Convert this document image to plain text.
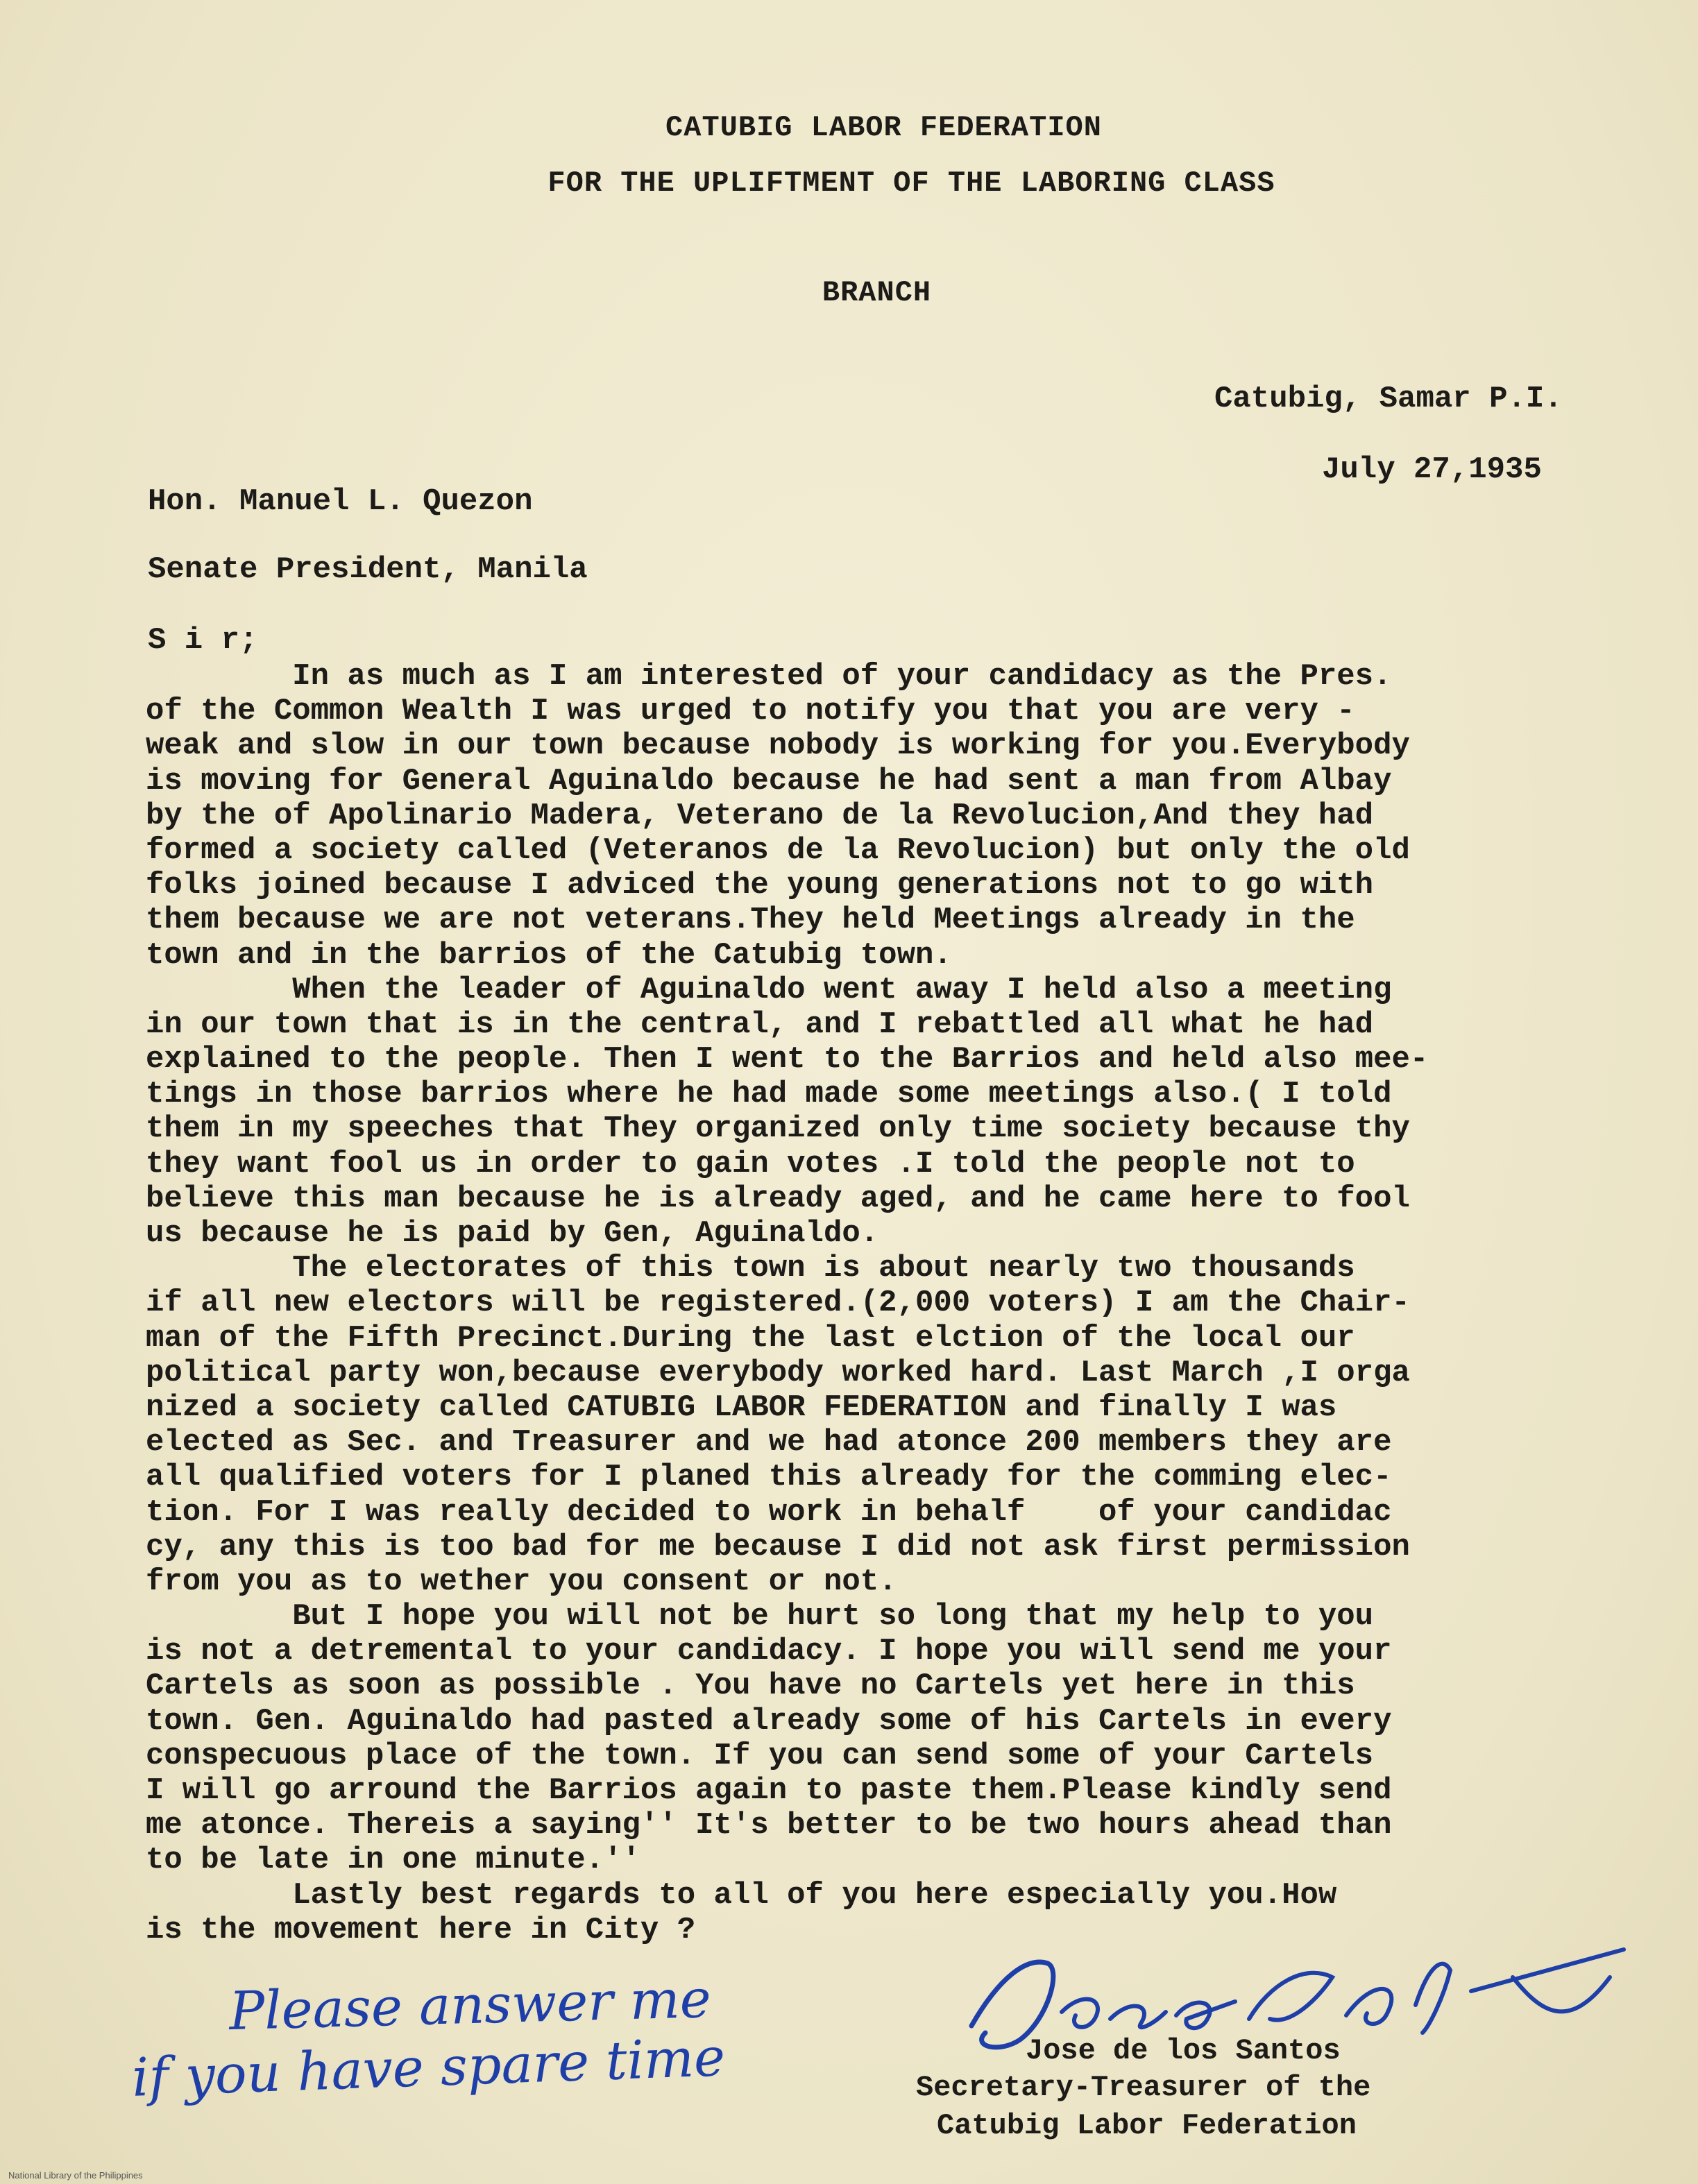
CATUBIG LABOR FEDERATION
FOR THE UPLIFTMENT OF THE LABORING CLASS
BRANCH
Catubig, Samar P.I.
July 27,1935
Hon. Manuel L. Quezon
Senate President, Manila
S i r;
In as much as I am interested of your candidacy as the Pres.
of the Common Wealth I was urged to notify you that you are very -
weak and slow in our town because nobody is working for you.Everybody
is moving for General Aguinaldo because he had sent a man from Albay
by the of Apolinario Madera, Veterano de la Revolucion,And they had
formed a society called (Veteranos de la Revolucion) but only the old
folks joined because I adviced the young generations not to go with
them because we are not veterans.They held Meetings already in the
town and in the barrios of the Catubig town.
When the leader of Aguinaldo went away I held also a meeting
in our town that is in the central, and I rebattled all what he had
explained to the people. Then I went to the Barrios and held also mee-
tings in those barrios where he had made some meetings also.( I told
them in my speeches that They organized only time society because thy
they want fool us in order to gain votes .I told the people not to
believe this man because he is already aged, and he came here to fool
us because he is paid by Gen, Aguinaldo.
The electorates of this town is about nearly two thousands
if all new electors will be registered.(2,000 voters) I am the Chair-
man of the Fifth Precinct.During the last elction of the local our
political party won,because everybody worked hard. Last March ,I orga
nized a society called CATUBIG LABOR FEDERATION and finally I was
elected as Sec. and Treasurer and we had atonce 200 members they are
all qualified voters for I planed this already for the comming elec-
tion. For I was really decided to work in behalf    of your candidac
cy, any this is too bad for me because I did not ask first permission
from you as to wether you consent or not.
But I hope you will not be hurt so long that my help to you
is not a detremental to your candidacy. I hope you will send me your
Cartels as soon as possible . You have no Cartels yet here in this
town. Gen. Aguinaldo had pasted already some of his Cartels in every
conspecuous place of the town. If you can send some of your Cartels
I will go arround the Barrios again to paste them.Please kindly send
me atonce. Thereis a saying'' It's better to be two hours ahead than
to be late in one minute.''
Lastly best regards to all of you here especially you.How
is the movement here in City ?
Please answer me
if you have spare time	Jose de los Santos
Secretary-Treasurer of the
Catubig Labor Federation
National Library of the Philippines
